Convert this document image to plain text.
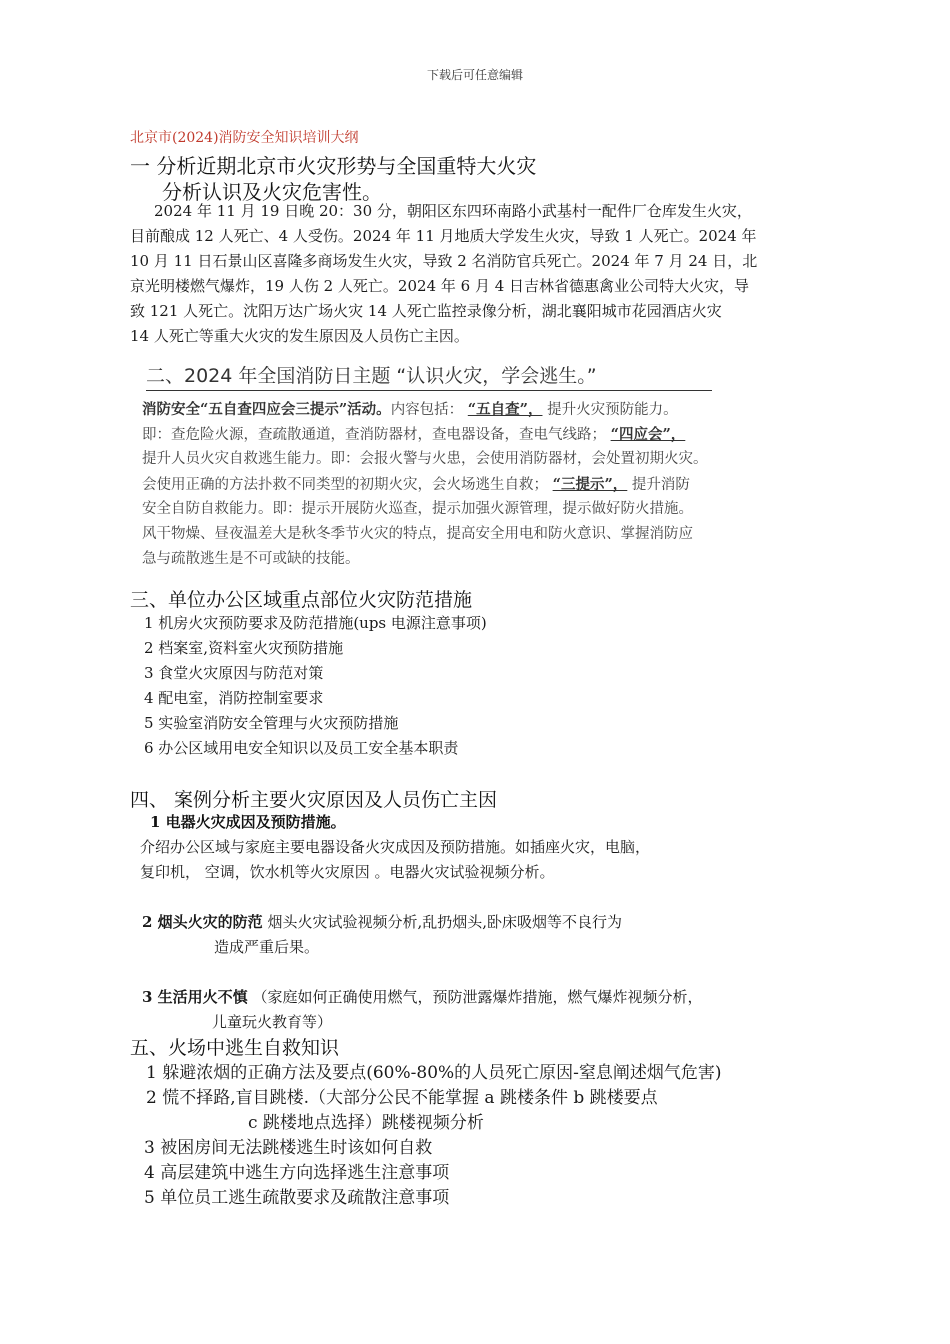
下载后可任意编辑
北京市(2024)消防安全知识培训大纲
一 分析近期北京市火灾形势与全国重特大火灾
分析认识及火灾危害性。
2024 年 11 月 19 日晚 20：30 分，朝阳区东四环南路小武基村一配件厂仓库发生火灾，
目前酿成 12 人死亡、4 人受伤。2024 年 11 月地质大学发生火灾，导致 1 人死亡。2024 年
10 月 11 日石景山区喜隆多商场发生火灾，导致 2 名消防官兵死亡。2024 年 7 月 24 日，北
京光明楼燃气爆炸，19 人伤 2 人死亡。2024 年 6 月 4 日吉林省德惠禽业公司特大火灾，导
致 121 人死亡。沈阳万达广场火灾 14 人死亡监控录像分析，湖北襄阳城市花园酒店火灾
14 人死亡等重大火灾的发生原因及人员伤亡主因。
二、2024 年全国消防日主题 “认识火灾，学会逃生。”
消防安全“五自查四应会三提示”活动。内容包括： “五自查”， 提升火灾预防能力。
即：查危险火源，查疏散通道，查消防器材，查电器设备，查电气线路； “四应会”，
提升人员火灾自救逃生能力。即：会报火警与火患，会使用消防器材，会处置初期火灾。
会使用正确的方法扑救不同类型的初期火灾，会火场逃生自救； “三提示”， 提升消防
安全自防自救能力。即：提示开展防火巡查，提示加强火源管理，提示做好防火措施。
风干物燥、昼夜温差大是秋冬季节火灾的特点，提高安全用电和防火意识、掌握消防应
急与疏散逃生是不可或缺的技能。
三、单位办公区域重点部位火灾防范措施
1 机房火灾预防要求及防范措施(ups 电源注意事项)
2 档案室,资料室火灾预防措施
3 食堂火灾原因与防范对策
4 配电室，消防控制室要求
5 实验室消防安全管理与火灾预防措施
6 办公区域用电安全知识以及员工安全基本职责
四、 案例分析主要火灾原因及人员伤亡主因
1 电器火灾成因及预防措施。
介绍办公区域与家庭主要电器设备火灾成因及预防措施。如插座火灾，电脑，
复印机， 空调，饮水机等火灾原因 。电器火灾试验视频分析。
2 烟头火灾的防范 烟头火灾试验视频分析,乱扔烟头,卧床吸烟等不良行为
造成严重后果。
3 生活用火不慎 （家庭如何正确使用燃气，预防泄露爆炸措施，燃气爆炸视频分析，
儿童玩火教育等）
五、火场中逃生自救知识
1 躲避浓烟的正确方法及要点(60%-80%的人员死亡原因-窒息阐述烟气危害)
2 慌不择路,盲目跳楼.（大部分公民不能掌握 a 跳楼条件 b 跳楼要点
c 跳楼地点选择）跳楼视频分析
3 被困房间无法跳楼逃生时该如何自救
4 高层建筑中逃生方向选择逃生注意事项
5 单位员工逃生疏散要求及疏散注意事项
